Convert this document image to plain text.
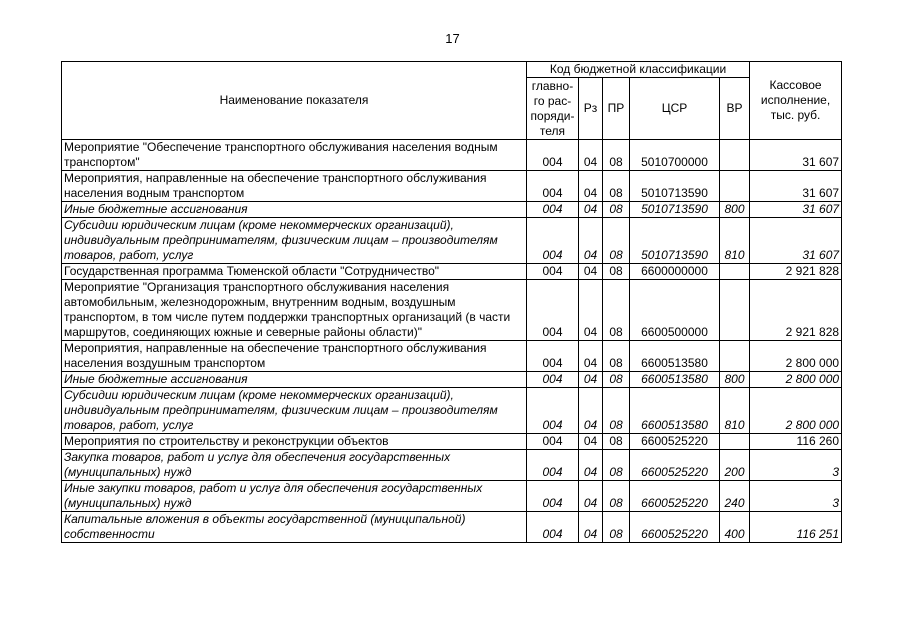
17
Наименование показателя	Код бюджетной классификации					Кассовое исполнение, тыс. руб.
	главно-
го рас-
поряди-
теля	Рз	ПР	ЦСР	ВР	
Мероприятие "Обеспечение транспортного обслуживания населения водным транспортом"	004	04	08	5010700000		31 607
Мероприятия, направленные на обеспечение транспортного обслуживания населения водным транспортом	004	04	08	5010713590		31 607
Иные бюджетные ассигнования	004	04	08	5010713590	800	31 607
Субсидии юридическим лицам (кроме некоммерческих организаций), индивидуальным предпринимателям, физическим лицам – производителям товаров, работ, услуг	004	04	08	5010713590	810	31 607
Государственная программа Тюменской области "Сотрудничество"	004	04	08	6600000000		2 921 828
Мероприятие "Организация транспортного обслуживания населения автомобильным, железнодорожным, внутренним водным, воздушным транспортом, в том числе путем поддержки транспортных организаций (в части маршрутов, соединяющих южные и северные районы области)"	004	04	08	6600500000		2 921 828
Мероприятия, направленные на обеспечение транспортного обслуживания населения воздушным транспортом	004	04	08	6600513580		2 800 000
Иные бюджетные ассигнования	004	04	08	6600513580	800	2 800 000
Субсидии юридическим лицам (кроме некоммерческих организаций), индивидуальным предпринимателям, физическим лицам – производителям товаров, работ, услуг	004	04	08	6600513580	810	2 800 000
Мероприятия по строительству и реконструкции объектов	004	04	08	6600525220		116 260
Закупка товаров, работ и услуг для обеспечения государственных (муниципальных) нужд	004	04	08	6600525220	200	3
Иные закупки товаров, работ и услуг для обеспечения государственных (муниципальных) нужд	004	04	08	6600525220	240	3
Капитальные вложения в объекты государственной (муниципальной) собственности	004	04	08	6600525220	400	116 251
